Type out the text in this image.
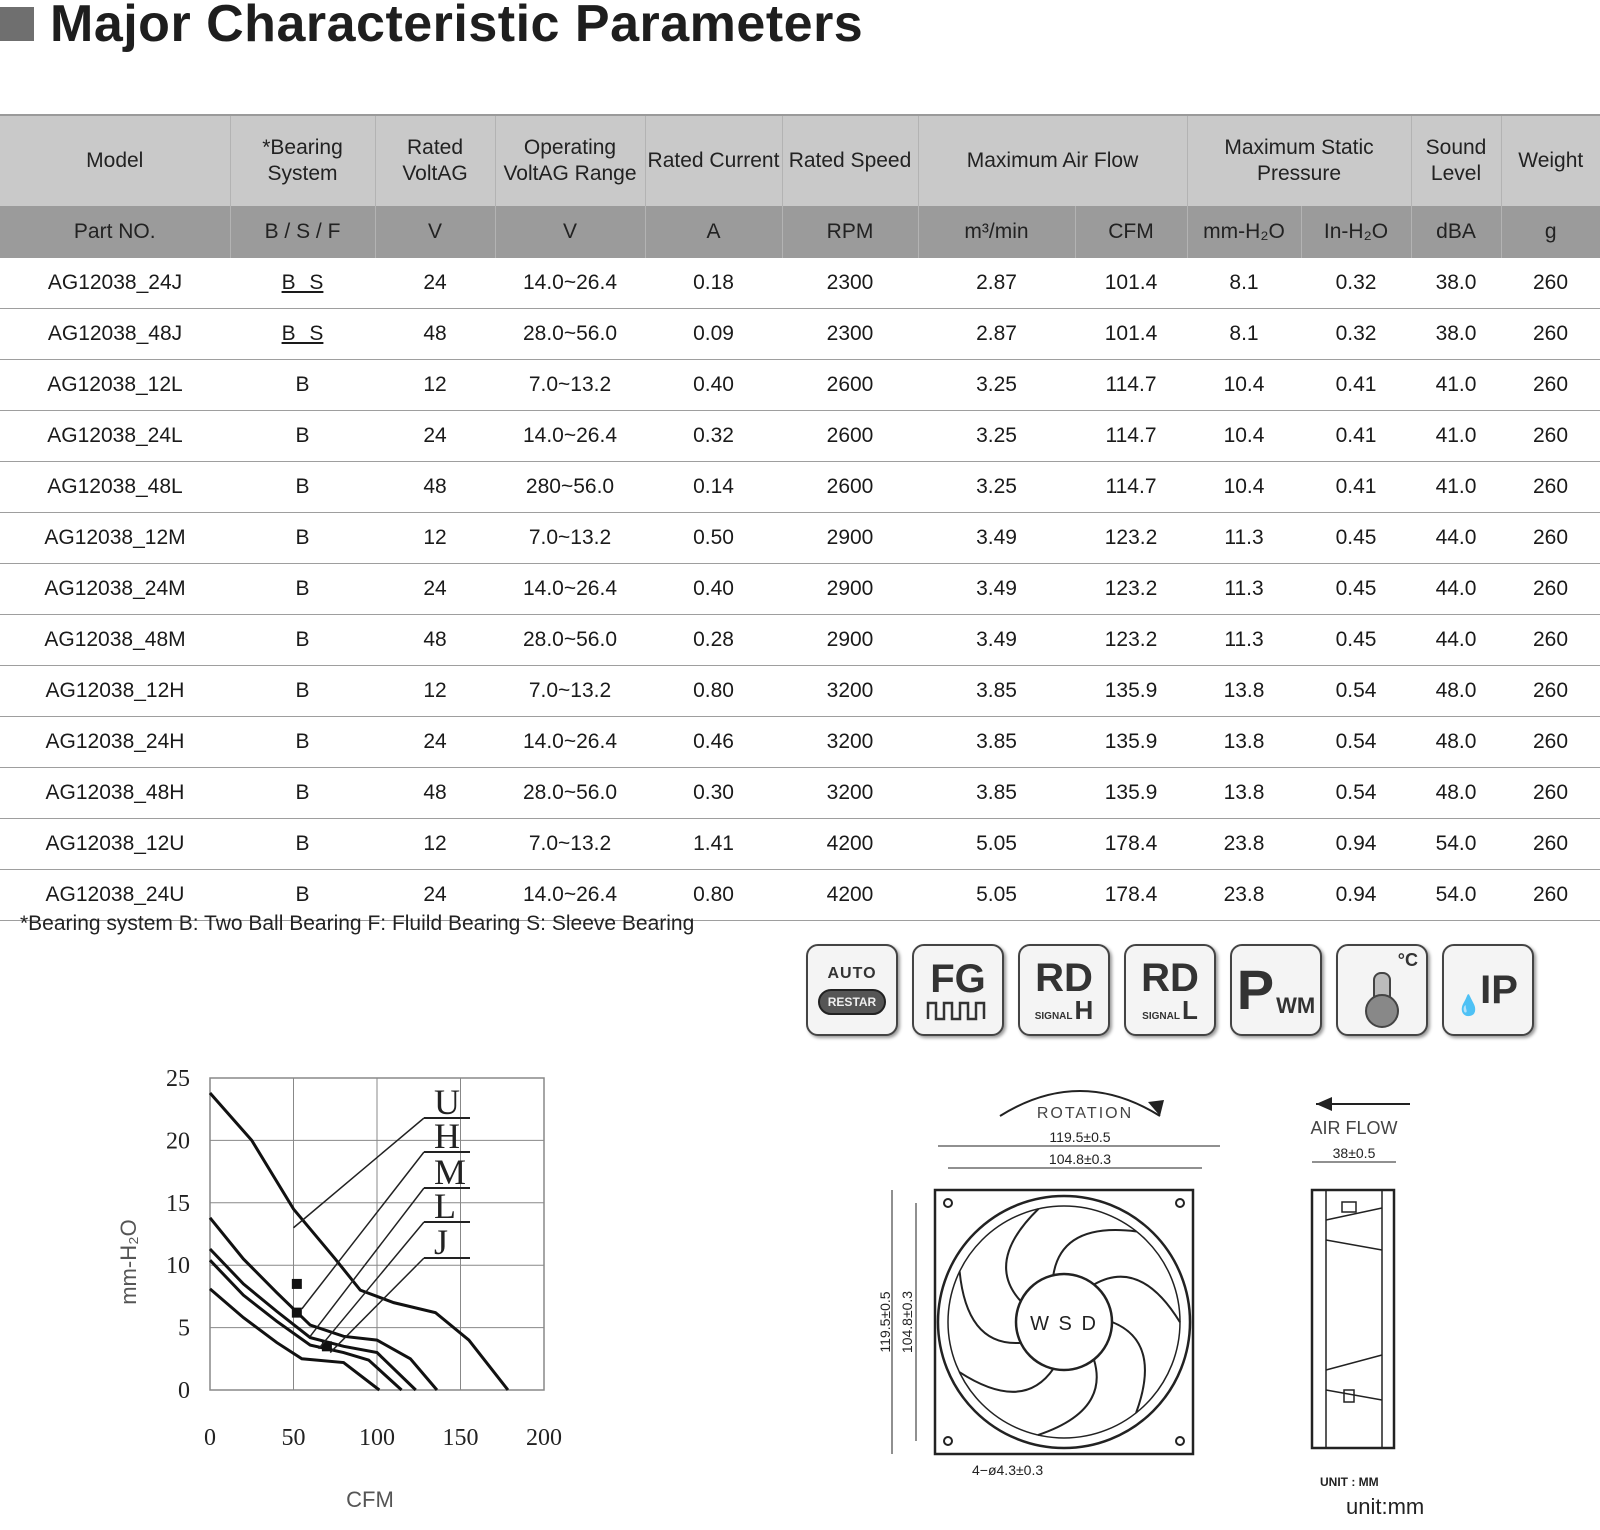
Major Characteristic Parameters
Model	*Bearing System	Rated VoltAG	Operating VoltAG Range	Rated Current	Rated Speed	Maximum Air Flow		Maximum Static Pressure		Sound Level	Weight
Part NO.	B / S / F	V	V	A	RPM	m³/min	CFM	mm-H₂O	In-H₂O	dBA	g
AG12038_24J	B S	24	14.0~26.4	0.18	2300	2.87	101.4	8.1	0.32	38.0	260
AG12038_48J	B S	48	28.0~56.0	0.09	2300	2.87	101.4	8.1	0.32	38.0	260
AG12038_12L	B	12	7.0~13.2	0.40	2600	3.25	114.7	10.4	0.41	41.0	260
AG12038_24L	B	24	14.0~26.4	0.32	2600	3.25	114.7	10.4	0.41	41.0	260
AG12038_48L	B	48	280~56.0	0.14	2600	3.25	114.7	10.4	0.41	41.0	260
AG12038_12M	B	12	7.0~13.2	0.50	2900	3.49	123.2	11.3	0.45	44.0	260
AG12038_24M	B	24	14.0~26.4	0.40	2900	3.49	123.2	11.3	0.45	44.0	260
AG12038_48M	B	48	28.0~56.0	0.28	2900	3.49	123.2	11.3	0.45	44.0	260
AG12038_12H	B	12	7.0~13.2	0.80	3200	3.85	135.9	13.8	0.54	48.0	260
AG12038_24H	B	24	14.0~26.4	0.46	3200	3.85	135.9	13.8	0.54	48.0	260
AG12038_48H	B	48	28.0~56.0	0.30	3200	3.85	135.9	13.8	0.54	48.0	260
AG12038_12U	B	12	7.0~13.2	1.41	4200	5.05	178.4	23.8	0.94	54.0	260
AG12038_24U	B	24	14.0~26.4	0.80	4200	5.05	178.4	23.8	0.94	54.0	260
*Bearing system B: Two Ball Bearing F: Fluild Bearing S: Sleeve Bearing
AUTO
RESTAR
FG RD
SIGNAL H
RD
SIGNAL L P WM
°C
IP
💧
0
5
10
15
20
25
0	50 100 150 200
U
H
M
L
J
mm-H₂O
CFM
ROTATION
119.5±0.5
104.8±0.3
W S D
119.5±0.5 104.8±0.3
4−ø4.3±0.3
AIR FLOW
38±0.5
UNIT : MM
unit:mm
